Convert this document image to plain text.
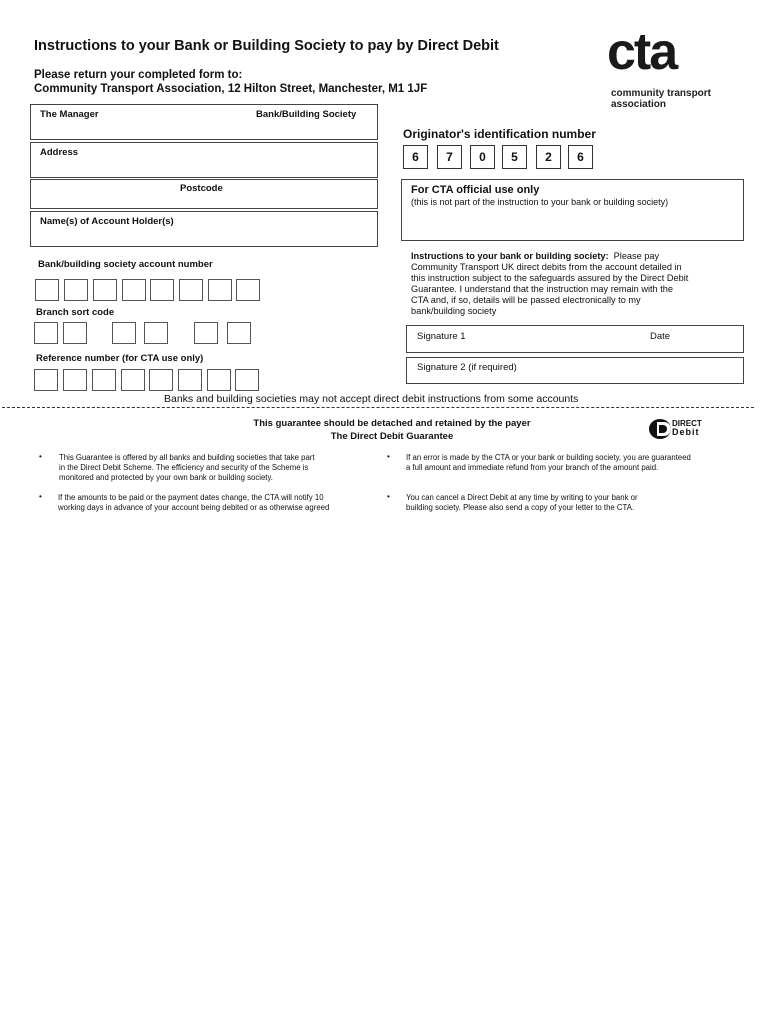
Instructions to your Bank or Building Society to pay by Direct Debit
Please return your completed form to:
Community Transport Association, 12 Hilton Street, Manchester, M1 1JF
cta
community transport
association
The Manager	Bank/Building Society
Address
Postcode
Name(s) of Account Holder(s)
Bank/building society account number
Branch sort code
Reference number (for CTA use only)
Originator's identification number
6	7	0	5	2	6
For CTA official use only
(this is not part of the instruction to your bank or building society)
Instructions to your bank or building society: Please pay
Community Transport UK direct debits from the account detailed in
this instruction subject to the safeguards assured by the Direct Debit
Guarantee. I understand that the instruction may remain with the
CTA and, if so, details will be passed electronically to my
bank/building society
Signature 1	Date
Signature 2 (if required)
Banks and building societies may not accept direct debit instructions from some accounts
This guarantee should be detached and retained by the payer
The Direct Debit Guarantee
DIRECT
Debit
• This Guarantee is offered by all banks and building societies that take part
in the Direct Debit Scheme. The efficiency and security of the Scheme is
monitored and protected by your own bank or building society.
• If the amounts to be paid or the payment dates change, the CTA will notify 10
working days in advance of your account being debited or as otherwise agreed
• If an error is made by the CTA or your bank or building society, you are guaranteed
a full amount and immediate refund from your branch of the amount paid.
• You can cancel a Direct Debit at any time by writing to your bank or
building society. Please also send a copy of your letter to the CTA.
